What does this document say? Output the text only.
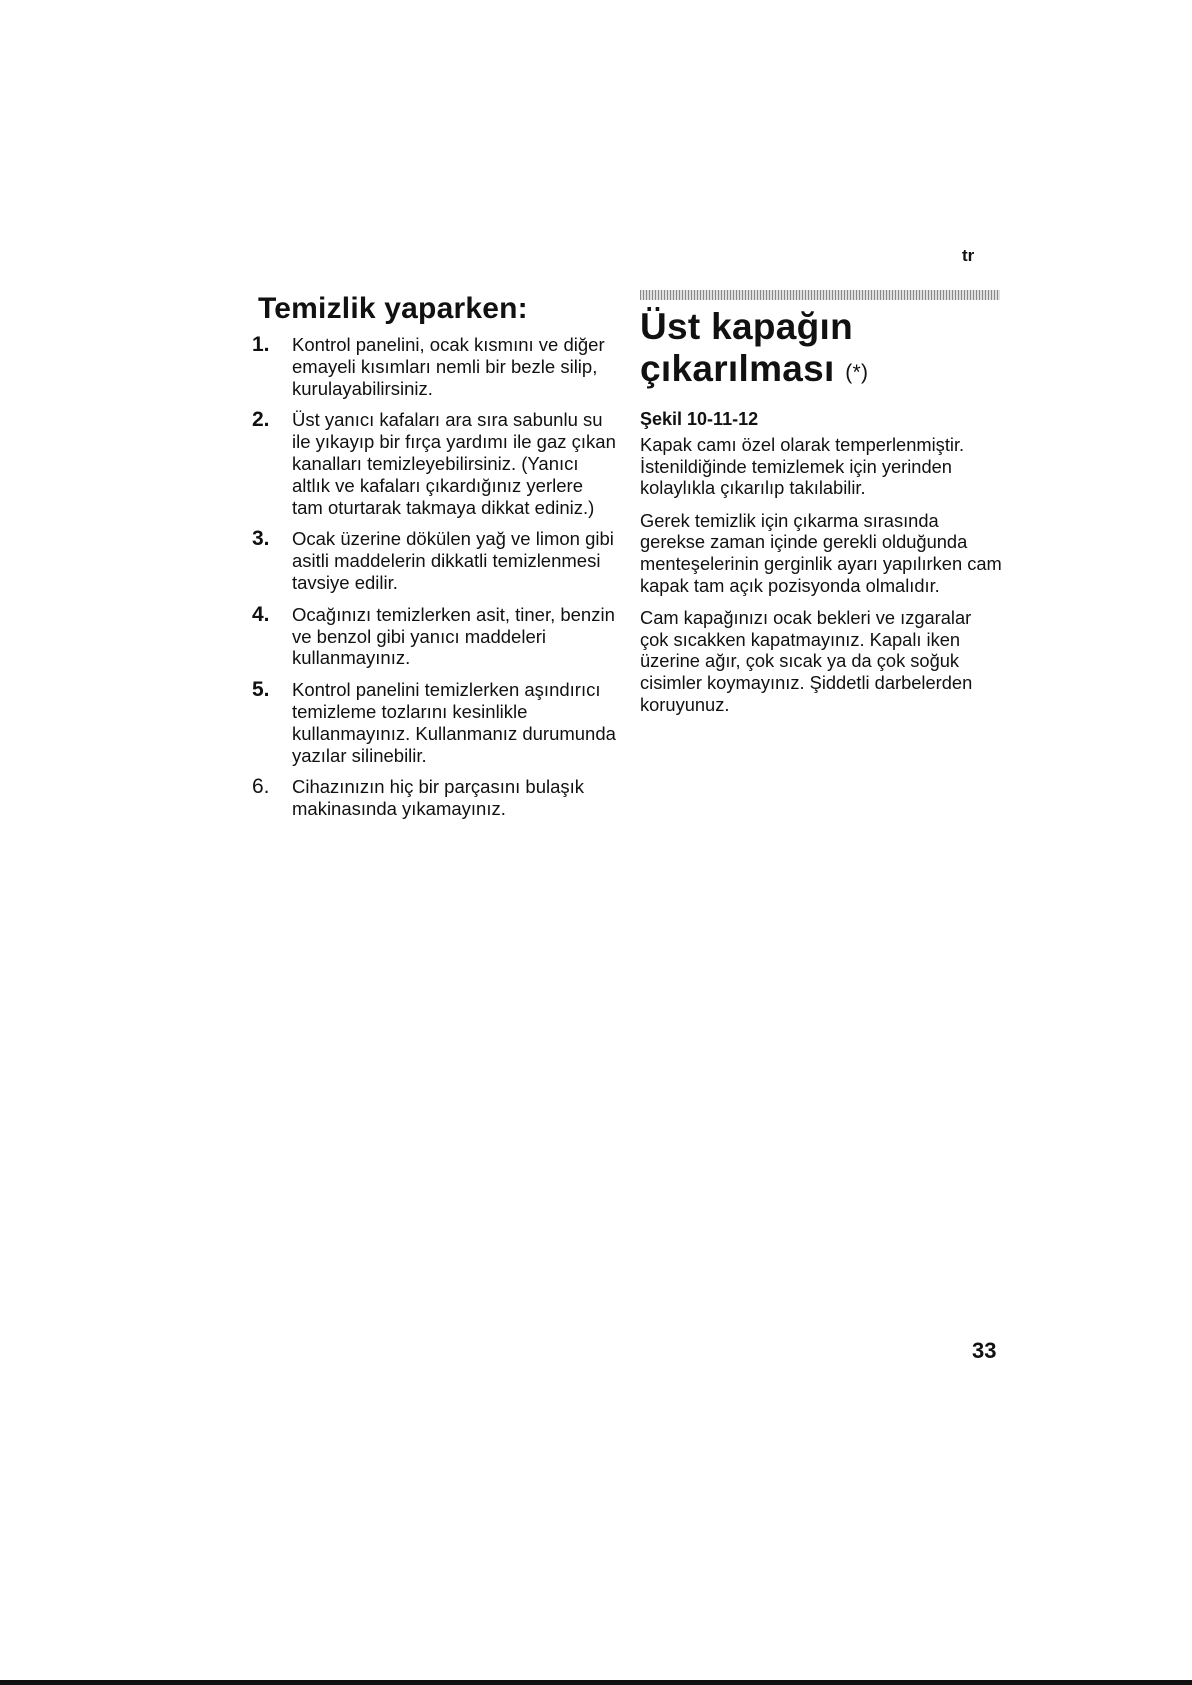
tr
Temizlik yaparken:
1.	Kontrol panelini, ocak kısmını ve diğer emayeli kısımları nemli bir bezle silip, kurulayabilirsiniz.
2.	Üst yanıcı kafaları ara sıra sabunlu su ile yıkayıp bir fırça yardımı ile gaz çıkan kanalları temizleyebilirsiniz. (Yanıcı altlık ve kafaları çıkardığınız yerlere tam oturtarak takmaya dikkat ediniz.)
3.	Ocak üzerine dökülen yağ ve limon gibi asitli maddelerin dikkatli temizlenmesi tavsiye edilir.
4.	Ocağınızı temizlerken asit, tiner, benzin ve benzol gibi yanıcı maddeleri kullanmayınız.
5.	Kontrol panelini temizlerken aşındırıcı temizleme tozlarını kesinlikle kullanmayınız. Kullanmanız durumunda yazılar silinebilir.
6.	Cihazınızın hiç bir parçasını bulaşık makinasında yıkamayınız.
Üst kapağın
çıkarılması (*)
Şekil 10-11-12

Kapak camı özel olarak temperlenmiştir. İstenildiğinde temizlemek için yerinden kolaylıkla çıkarılıp takılabilir.

Gerek temizlik için çıkarma sırasında gerekse zaman içinde gerekli olduğunda menteşelerinin gerginlik ayarı yapılırken cam kapak tam açık pozisyonda olmalıdır.

Cam kapağınızı ocak bekleri ve ızgaralar çok sıcakken kapatmayınız. Kapalı iken üzerine ağır, çok sıcak ya da çok soğuk cisimler koymayınız. Şiddetli darbelerden koruyunuz.

33
